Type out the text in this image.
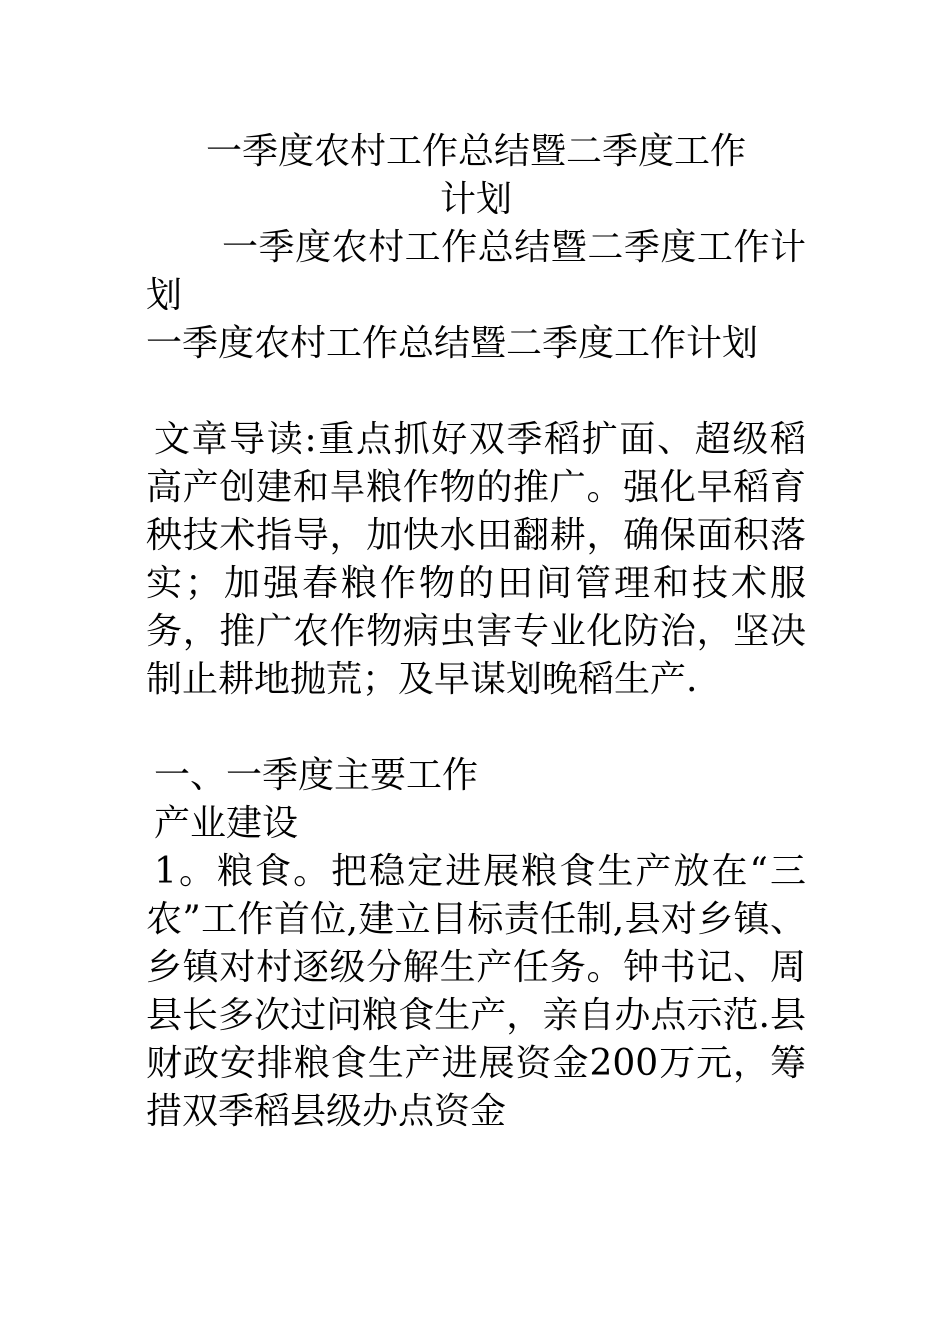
一季度农村工作总结暨二季度工作
计划

一季度农村工作总结暨二季度工作计划

一季度农村工作总结暨二季度工作计划

文章导读:重点抓好双季稻扩面、超级稻高产创建和旱粮作物的推广。强化早稻育秧技术指导，加快水田翻耕，确保面积落实；加强春粮作物的田间管理和技术服务，推广农作物病虫害专业化防治，坚决制止耕地抛荒；及早谋划晚稻生产.

一、一季度主要工作

产业建设

1。粮食。把稳定进展粮食生产放在“三农”工作首位,建立目标责任制,县对乡镇、乡镇对村逐级分解生产任务。钟书记、周县长多次过问粮食生产，亲自办点示范.县财政安排粮食生产进展资金200万元，筹措双季稻县级办点资金
